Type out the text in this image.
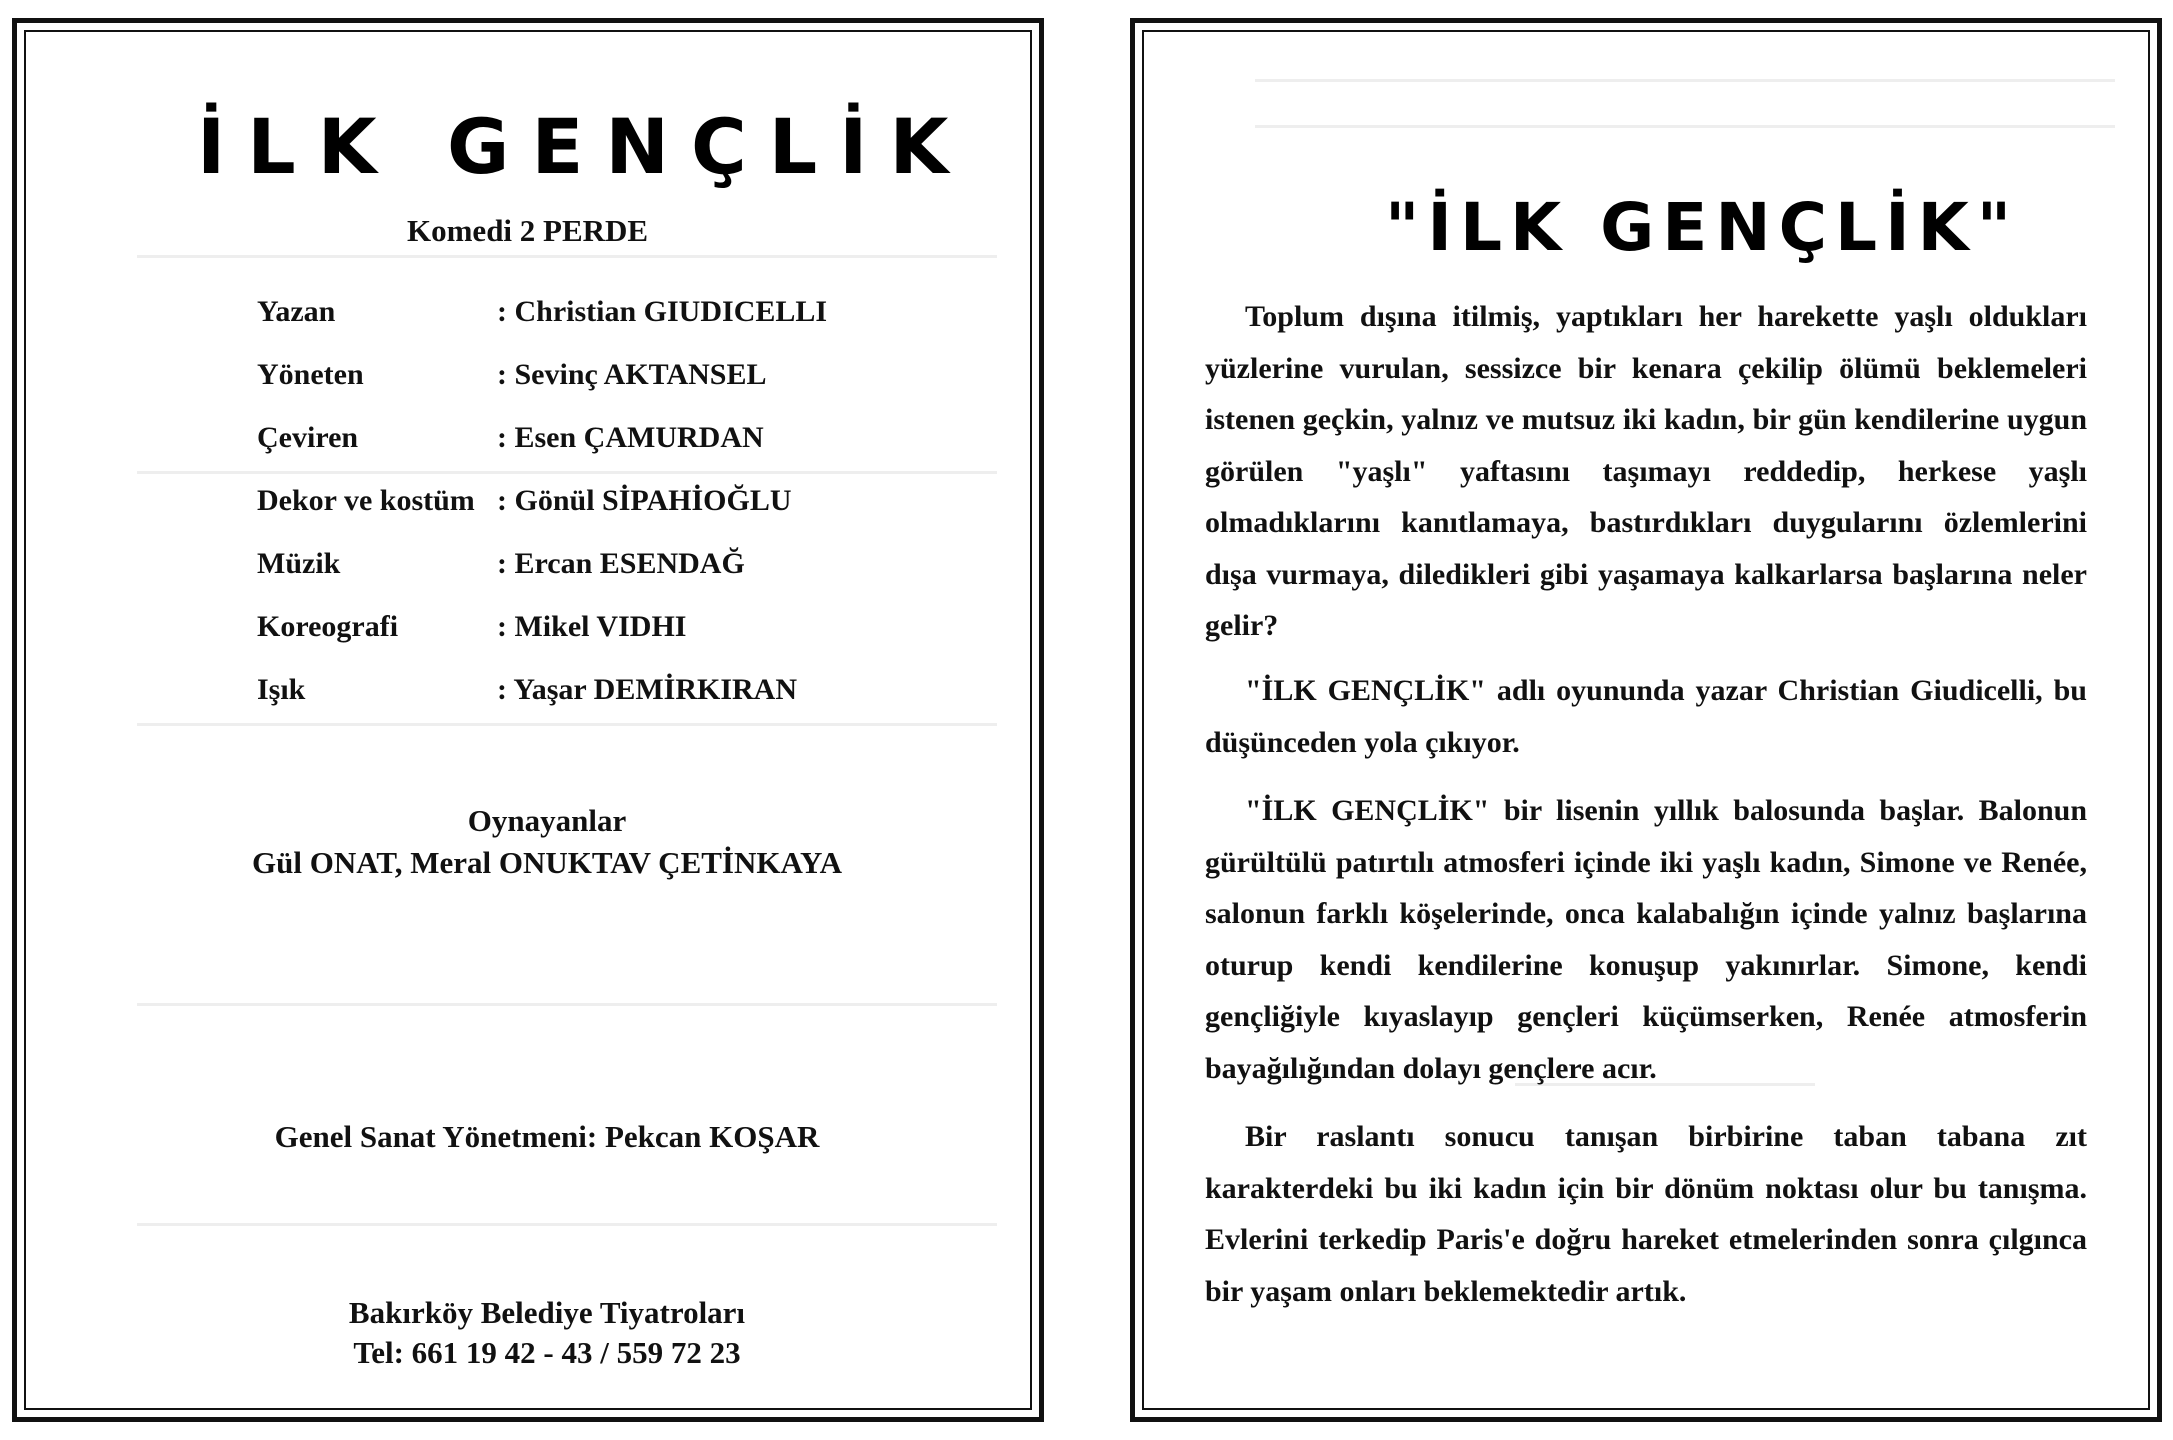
İLK GENÇLİK
Komedi 2 PERDE
Yazan	: Christian GIUDICELLI
Yöneten	: Sevinç AKTANSEL
Çeviren	: Esen ÇAMURDAN
Dekor ve kostüm : Gönül SİPAHİOĞLU
Müzik	: Ercan ESENDAĞ
Koreografi	: Mikel VIDHI
Işık	: Yaşar DEMİRKIRAN
Oynayanlar
Gül ONAT, Meral ONUKTAV ÇETİNKAYA
Genel Sanat Yönetmeni: Pekcan KOŞAR
Bakırköy Belediye Tiyatroları
Tel: 661 19 42 - 43 / 559 72 23
"İLK GENÇLİK"

Toplum dışına itilmiş, yaptıkları her harekette yaşlı oldukları yüzlerine vurulan, sessizce bir kenara çekilip ölümü beklemeleri istenen geçkin, yalnız ve mutsuz iki kadın, bir gün kendilerine uygun görülen "yaşlı" yaftasını taşımayı reddedip, herkese yaşlı olmadıklarını kanıtlamaya, bastırdıkları duygularını özlemlerini dışa vurmaya, diledikleri gibi yaşamaya kalkarlarsa başlarına neler gelir?

"İLK GENÇLİK" adlı oyununda yazar Christian Giudicelli, bu düşünceden yola çıkıyor.

"İLK GENÇLİK" bir lisenin yıllık balosunda başlar. Balonun gürültülü patırtılı atmosferi içinde iki yaşlı kadın, Simone ve Renée, salonun farklı köşelerinde, onca kalabalığın içinde yalnız başlarına oturup kendi kendilerine konuşup yakınırlar. Simone, kendi gençliğiyle kıyaslayıp gençleri küçümserken, Renée atmosferin bayağılığından dolayı gençlere acır.

Bir raslantı sonucu tanışan birbirine taban tabana zıt karakterdeki bu iki kadın için bir dönüm noktası olur bu tanışma. Evlerini terkedip Paris'e doğru hareket etmelerinden sonra çılgınca bir yaşam onları beklemektedir artık.
